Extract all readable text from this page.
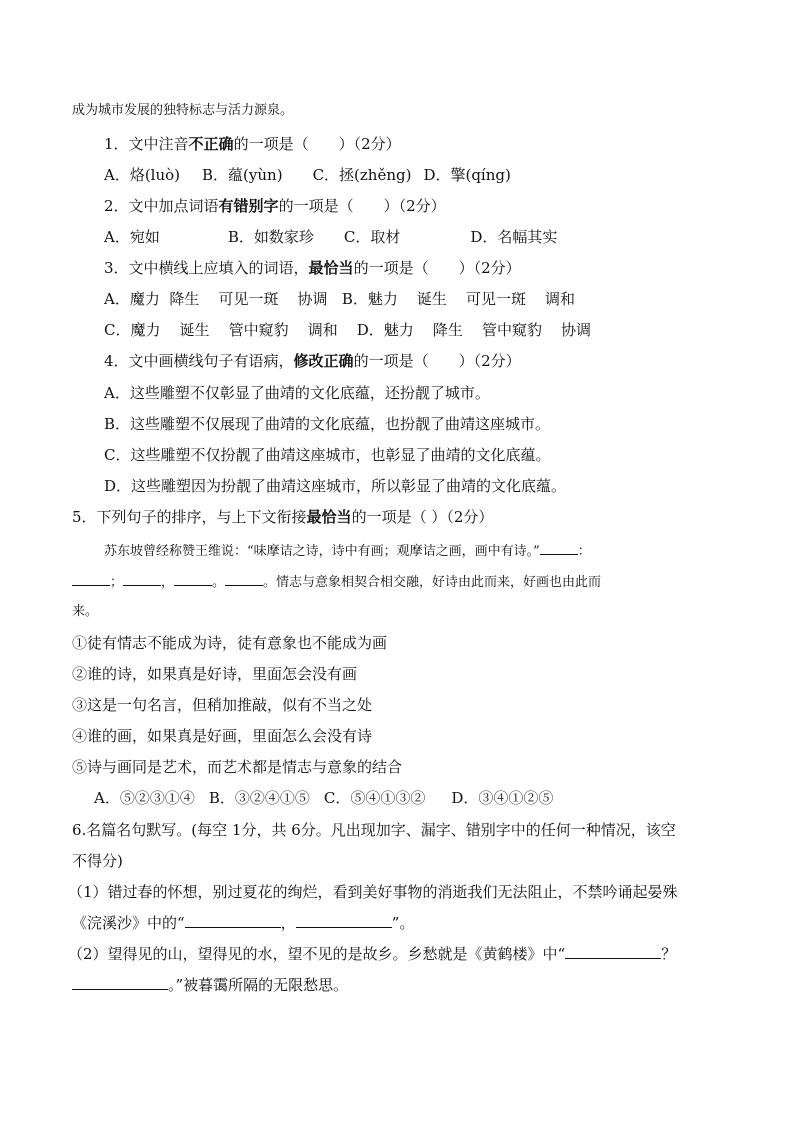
成为城市发展的独特标志与活力源泉。
1．文中注音不正确的一项是（　　）（2分）
A．烙(luò) B．蕴(yùn) C．拯(zhěng) D．擎(qíng)
2．文中加点词语有错别字的一项是（　　）（2分）
A．宛如	B．如数家珍 C．取材	D．名幅其实
3．文中横线上应填入的词语，最恰当的一项是（　　）（2分）
A．魔力  降生    可见一斑    协调   B．魅力    诞生    可见一斑    调和
C．魔力    诞生    管中窥豹    调和    D．魅力    降生    管中窥豹    协调
4．文中画横线句子有语病，修改正确的一项是（　　）（2分）
A．这些雕塑不仅彰显了曲靖的文化底蕴，还扮靓了城市。
B．这些雕塑不仅展现了曲靖的文化底蕴，也扮靓了曲靖这座城市。
C．这些雕塑不仅扮靓了曲靖这座城市，也彰显了曲靖的文化底蕴。
D．这些雕塑因为扮靓了曲靖这座城市，所以彰显了曲靖的文化底蕴。
5．下列句子的排序，与上下文衔接最恰当的一项是（ ）（2分）
苏东坡曾经称赞王维说：“味摩诘之诗，诗中有画；观摩诘之画，画中有诗。”	：
；	，	。	。情志与意象相契合相交融，好诗由此而来，好画也由此而
来。
①徒有情志不能成为诗，徒有意象也不能成为画
②谁的诗，如果真是好诗，里面怎会没有画
③这是一句名言，但稍加推敲，似有不当之处
④谁的画，如果真是好画，里面怎么会没有诗
⑤诗与画同是艺术，而艺术都是情志与意象的结合
A．⑤②③①④ B．③②④①⑤ C．⑤④①③② D．③④①②⑤
6.名篇名句默写。(每空 1分，共 6分。凡出现加字、漏字、错别字中的任何一种情况，该空
不得分)
（1）错过春的怀想，别过夏花的绚烂，看到美好事物的消逝我们无法阻止，不禁吟诵起晏殊
《浣溪沙》中的“	，	”。
（2）望得见的山，望得见的水，望不见的是故乡。乡愁就是《黄鹤楼》中“	？
。”被暮霭所隔的无限愁思。
